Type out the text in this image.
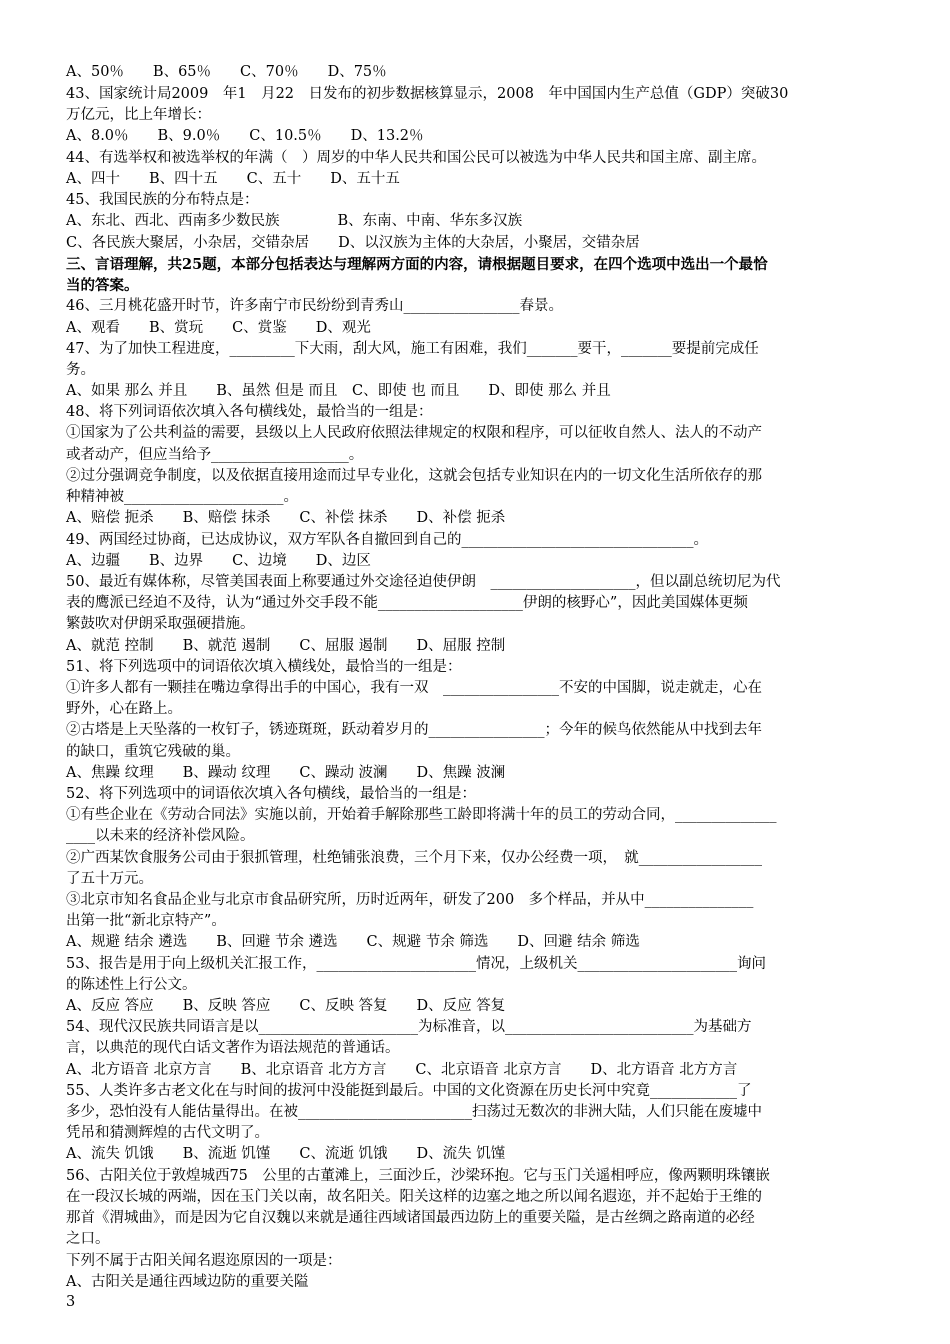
A、50％　　B、65％　　C、70％　　D、75％
43、国家统计局2009　年1　月22　日发布的初步数据核算显示，2008　年中国国内生产总值（GDP）突破30
万亿元，比上年增长：
A、8.0％　　B、9.0％　　C、10.5％　　D、13.2％
44、有选举权和被选举权的年满（　）周岁的中华人民共和国公民可以被选为中华人民共和国主席、副主席。
A、四十　　B、四十五　　C、五十　　D、五十五
45、我国民族的分布特点是：
A、东北、西北、西南多少数民族　　　　B、东南、中南、华东多汉族
C、各民族大聚居，小杂居，交错杂居　　D、以汉族为主体的大杂居，小聚居，交错杂居
三、言语理解，共25题，本部分包括表达与理解两方面的内容，请根据题目要求，在四个选项中选出一个最恰
当的答案。
46、三月桃花盛开时节，许多南宁市民纷纷到青秀山________________春景。
A、观看　　B、赏玩　　C、赏鉴　　D、观光
47、为了加快工程进度，_________下大雨，刮大风，施工有困难，我们_______要干，_______要提前完成任
务。
A、如果 那么 并且　　B、虽然 但是 而且　C、即使 也 而且　　D、即使 那么 并且
48、将下列词语依次填入各句横线处，最恰当的一组是：
①国家为了公共利益的需要，县级以上人民政府依照法律规定的权限和程序，可以征收自然人、法人的不动产
或者动产，但应当给予___________________。
②过分强调竞争制度，以及依据直接用途而过早专业化，这就会包括专业知识在内的一切文化生活所依存的那
种精神被______________________。
A、赔偿 扼杀　　B、赔偿 抹杀　　C、补偿 抹杀　　D、补偿 扼杀
49、两国经过协商，已达成协议，双方军队各自撤回到自己的________________________________。
A、边疆　　B、边界　　C、边境　　D、边区
50、最近有媒体称，尽管美国表面上称要通过外交途径迫使伊朗　____________________，但以副总统切尼为代
表的鹰派已经迫不及待，认为“通过外交手段不能____________________伊朗的核野心”，因此美国媒体更频
繁鼓吹对伊朗采取强硬措施。
A、就范 控制　　B、就范 遏制　　C、屈服 遏制　　D、屈服 控制
51、将下列选项中的词语依次填入横线处，最恰当的一组是：
①许多人都有一颗挂在嘴边拿得出手的中国心，我有一双　________________不安的中国脚，说走就走，心在
野外，心在路上。
②古塔是上天坠落的一枚钉子，锈迹斑斑，跃动着岁月的________________；今年的候鸟依然能从中找到去年
的缺口，重筑它残破的巢。
A、焦躁 纹理　　B、躁动 纹理　　C、躁动 波澜　　D、焦躁 波澜
52、将下列选项中的词语依次填入各句横线，最恰当的一组是：
①有些企业在《劳动合同法》实施以前，开始着手解除那些工龄即将满十年的员工的劳动合同，______________
____以未来的经济补偿风险。
②广西某饮食服务公司由于狠抓管理，杜绝铺张浪费，三个月下来，仅办公经费一项，　就_________________
了五十万元。
③北京市知名食品企业与北京市食品研究所，历时近两年，研发了200　多个样品，并从中_______________
出第一批“新北京特产”。
A、规避 结余 遴选　　B、回避 节余 遴选　　C、规避 节余 筛选　　D、回避 结余 筛选
53、报告是用于向上级机关汇报工作，______________________情况，上级机关______________________询问
的陈述性上行公文。
A、反应 答应　　B、反映 答应　　C、反映 答复　　D、反应 答复
54、现代汉民族共同语言是以______________________为标准音，以__________________________为基础方
言，以典范的现代白话文著作为语法规范的普通话。
A、北方语音 北京方言　　B、北京语音 北方方言　　C、北京语音 北京方言　　D、北方语音 北方方言
55、人类许多古老文化在与时间的拔河中没能挺到最后。中国的文化资源在历史长河中究竟____________了
多少，恐怕没有人能估量得出。在被________________________扫荡过无数次的非洲大陆，人们只能在废墟中
凭吊和猜测辉煌的古代文明了。
A、流失 饥饿　　B、流逝 饥馑　　C、流逝 饥饿　　D、流失 饥馑
56、古阳关位于敦煌城西75　公里的古董滩上，三面沙丘，沙梁环抱。它与玉门关遥相呼应，像两颗明珠镶嵌
在一段汉长城的两端，因在玉门关以南，故名阳关。阳关这样的边塞之地之所以闻名遐迩，并不起始于王维的
那首《渭城曲》，而是因为它自汉魏以来就是通往西域诸国最西边防上的重要关隘，是古丝绸之路南道的必经
之口。
下列不属于古阳关闻名遐迩原因的一项是：
A、古阳关是通往西域边防的重要关隘
3
